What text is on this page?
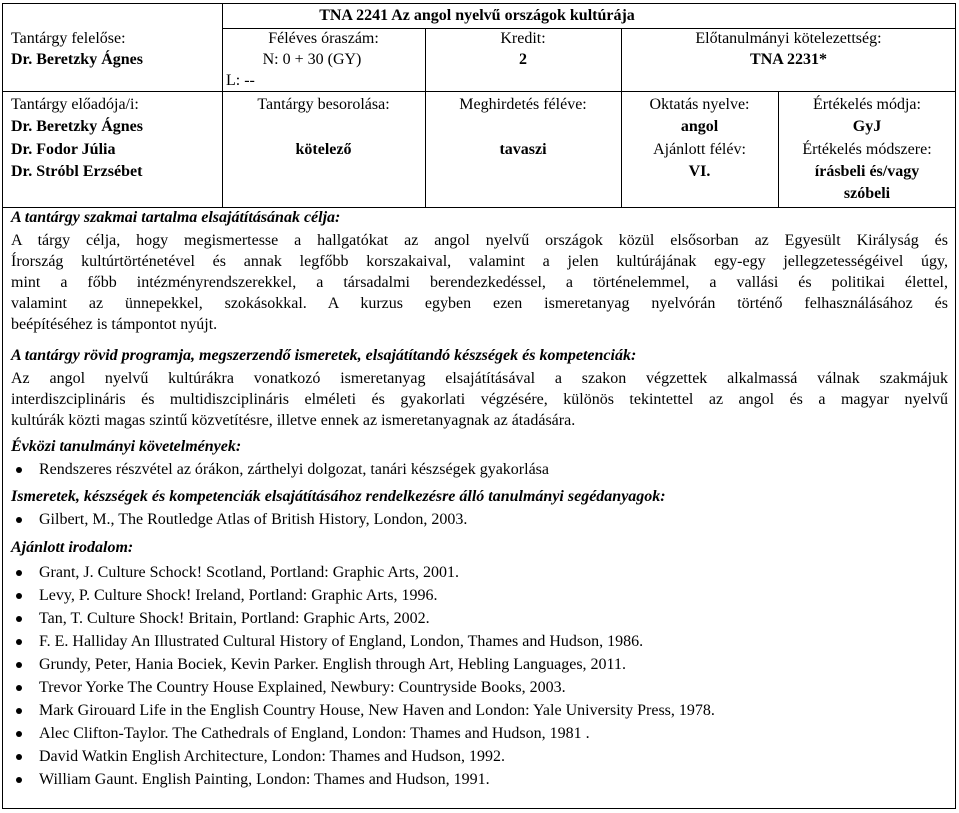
TNA 2241 Az angol nyelvű országok kultúrája
Tantárgy felelőse:
Dr. Beretzky Ágnes
Féléves óraszám:
N: 0 + 30 (GY)
L: --
Kredit:
2
Előtanulmányi kötelezettség:
TNA 2231*
Tantárgy előadója/i:
Dr. Beretzky Ágnes
Dr. Fodor Júlia
Dr. Stróbl Erzsébet
Tantárgy besorolása:
kötelező
Meghirdetés féléve:
tavaszi
Oktatás nyelve:
angol
Ajánlott félév:
VI.
Értékelés módja:
GyJ
Értékelés módszere:
írásbeli és/vagy
szóbeli
A tantárgy szakmai tartalma elsajátításának célja:
A tárgy célja, hogy megismertesse a hallgatókat az angol nyelvű országok közül elsősorban az Egyesült Királyság és
Írország kultúrtörténetével és annak legfőbb korszakaival, valamint a jelen kultúrájának egy-egy jellegzetességéivel úgy,
mint a főbb intézményrendszerekkel, a társadalmi berendezkedéssel, a történelemmel, a vallási és politikai élettel,
valamint az ünnepekkel, szokásokkal. A kurzus egyben ezen ismeretanyag nyelvórán történő felhasználásához és
beépítéséhez is támpontot nyújt.
A tantárgy rövid programja, megszerzendő ismeretek, elsajátítandó készségek és kompetenciák:
Az angol nyelvű kultúrákra vonatkozó ismeretanyag elsajátításával a szakon végzettek alkalmassá válnak szakmájuk
interdiszciplináris és multidiszciplináris elméleti és gyakorlati végzésére, különös tekintettel az angol és a magyar nyelvű
kultúrák közti magas szintű közvetítésre, illetve ennek az ismeretanyagnak az átadására.
Évközi tanulmányi követelmények:
Rendszeres részvétel az órákon, zárthelyi dolgozat, tanári készségek gyakorlása
Ismeretek, készségek és kompetenciák elsajátításához rendelkezésre álló tanulmányi segédanyagok:
Gilbert, M., The Routledge Atlas of British History, London, 2003.
Ajánlott irodalom:
Grant, J. Culture Schock! Scotland, Portland: Graphic Arts, 2001.
Levy, P. Culture Shock! Ireland, Portland: Graphic Arts, 1996.
Tan, T. Culture Shock! Britain, Portland: Graphic Arts, 2002.
F. E. Halliday An Illustrated Cultural History of England, London, Thames and Hudson, 1986.
Grundy, Peter, Hania Bociek, Kevin Parker. English through Art, Hebling Languages, 2011.
Trevor Yorke The Country House Explained, Newbury: Countryside Books, 2003.
Mark Girouard Life in the English Country House, New Haven and London: Yale University Press, 1978.
Alec Clifton-Taylor. The Cathedrals of England, London: Thames and Hudson, 1981 .
David Watkin English Architecture, London: Thames and Hudson, 1992.
William Gaunt. English Painting, London: Thames and Hudson, 1991.
